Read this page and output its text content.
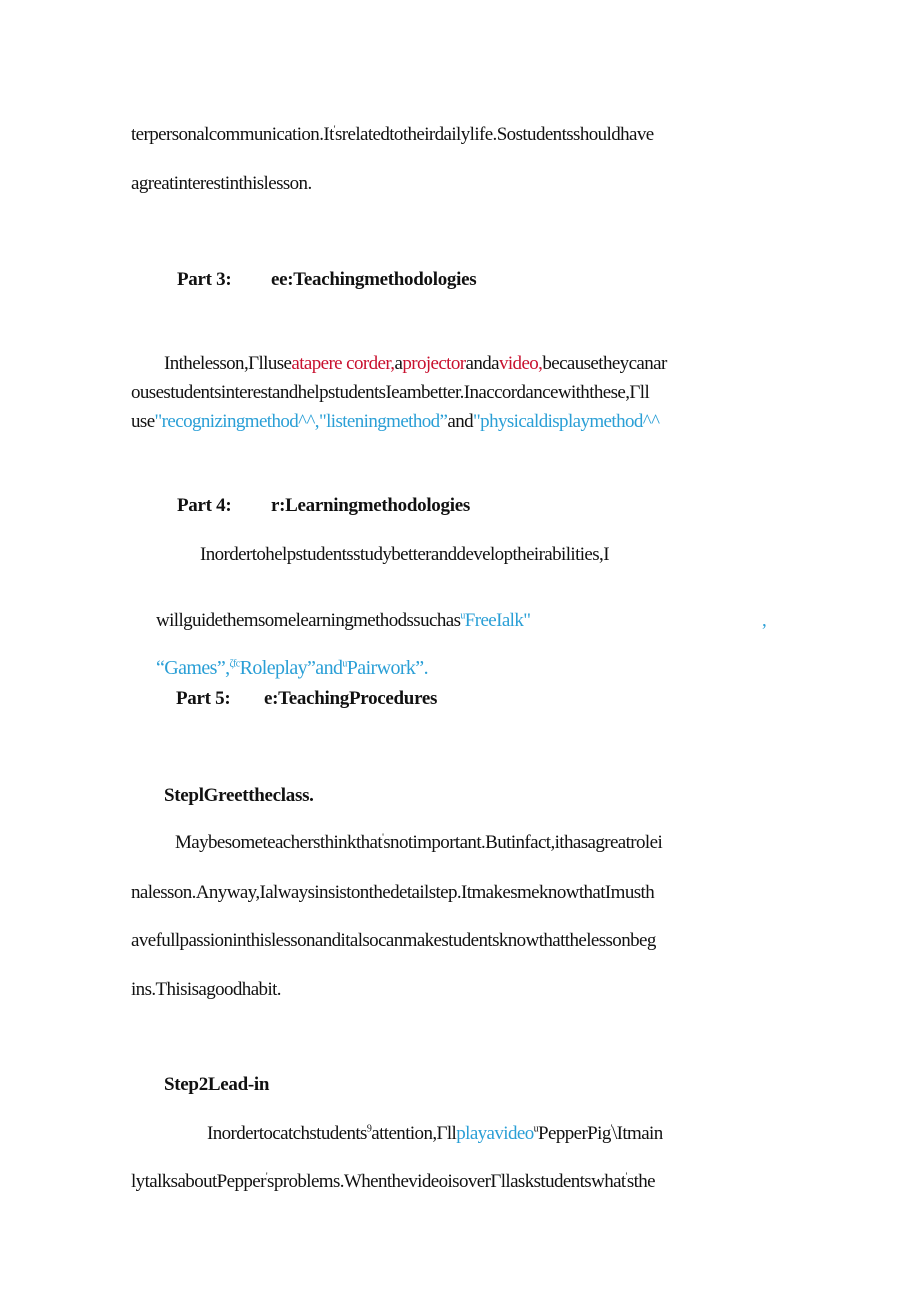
terpersonalcommunication.It'srelatedtotheirdailylife.Sostudentsshouldhave
agreatinterestinthislesson.
Part 3: ee:Teachingmethodologies
Inthelesson,Γlluseatapere corder,aprojectorandavideo,becausetheycanar
ousestudentsinterestandhelpstudentsIeambetter.Inaccordancewiththese,Γll
use"recognizingmethod^^,"listeningmethod”and"physicaldisplaymethod^^
Part 4: r:Learningmethodologies
Inordertohelpstudentsstudybetteranddeveloptheirabilities,I
willguidethemsomelearningmethodssuchas$^u$FreeIalk"	,
“Games”,$^{\zeta fc}$Roleplay”and$^u$Pairwork”.
Part 5: e:TeachingProcedures
SteplGreettheclass.
Maybesometeachersthinkthat'snotimportant.Butinfact,ithasagreatrolei
nalesson.Anyway,Ialwaysinsistonthedetailstep.ItmakesmeknowthatImusth
avefullpassioninthislessonanditalsocanmakestudentsknowthatthelessonbeg
ins.Thisisagoodhabit.
Step2Lead-in
Inordertocatchstudents$^9$attention,Γllplayavideo$^u$PepperPig'\Itmain
lytalksaboutPepper'sproblems.WhenthevideoisoverΓllaskstudentswhat'sthe
